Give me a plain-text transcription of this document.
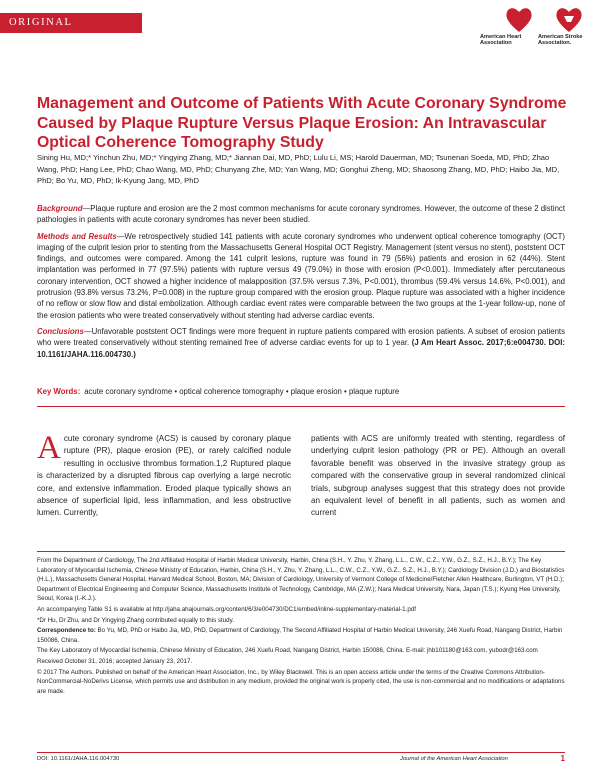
ORIGINAL RESEARCH	American Heart Association
American Stroke Association.
Management and Outcome of Patients With Acute Coronary Syndrome Caused by Plaque Rupture Versus Plaque Erosion: An Intravascular Optical Coherence Tomography Study
Sining Hu, MD;* Yinchun Zhu, MD;* Yingying Zhang, MD;* Jiannan Dai, MD, PhD; Lulu Li, MS; Harold Dauerman, MD; Tsunenari Soeda, MD, PhD; Zhao Wang, PhD; Hang Lee, PhD; Chao Wang, MD, PhD; Chunyang Zhe, MD; Yan Wang, MD; Gonghui Zheng, MD; Shaosong Zhang, MD, PhD; Haibo Jia, MD, PhD; Bo Yu, MD, PhD; Ik-Kyung Jang, MD, PhD

Background—Plaque rupture and erosion are the 2 most common mechanisms for acute coronary syndromes. However, the outcome of these 2 distinct pathologies in patients with acute coronary syndromes has never been studied.

Methods and Results—We retrospectively studied 141 patients with acute coronary syndromes who underwent optical coherence tomography (OCT) imaging of the culprit lesion prior to stenting from the Massachusetts General Hospital OCT Registry. Management (stent versus no stent), poststent OCT findings, and outcomes were compared. Among the 141 culprit lesions, rupture was found in 79 (56%) patients and erosion in 62 (44%). Stent implantation was performed in 77 (97.5%) patients with rupture versus 49 (79.0%) in those with erosion (P<0.001). Immediately after percutaneous coronary intervention, OCT showed a higher incidence of malapposition (37.5% versus 7.3%, P<0.001), thrombus (59.4% versus 14.6%, P<0.001), and protrusion (93.8% versus 73.2%, P=0.008) in the rupture group compared with the erosion group. Plaque rupture was associated with a higher incidence of no reflow or slow flow and distal embolization. Although cardiac event rates were comparable between the two groups at the 1-year follow-up, none of the erosion patients who were treated conservatively without stenting had adverse cardiac events.

Conclusions—Unfavorable poststent OCT findings were more frequent in rupture patients compared with erosion patients. A subset of erosion patients who were treated conservatively without stenting remained free of adverse cardiac events for up to 1 year. (J Am Heart Assoc. 2017;6:e004730. DOI: 10.1161/JAHA.116.004730.)

Key Words: acute coronary syndrome • optical coherence tomography • plaque erosion • plaque rupture
Acute coronary syndrome (ACS) is caused by coronary plaque rupture (PR), plaque erosion (PE), or rarely calcified nodule resulting in occlusive thrombus formation.1,2 Ruptured plaque is characterized by a disrupted fibrous cap overlying a large necrotic core, and extensive inflammation. Eroded plaque typically shows an absence of superficial lipid, less inflammation, and less obstructive lumen. Currently,
patients with ACS are uniformly treated with stenting, regardless of underlying culprit lesion pathology (PR or PE). Although an overall favorable benefit was observed in the invasive strategy group as compared with the conservative group in several randomized clinical trials, subgroup analyses suggest that this strategy does not provide an equivalent level of benefit in all patients, such as women and current

From the Department of Cardiology, The 2nd Affiliated Hospital of Harbin Medical University, Harbin, China (S.H., Y. Zhu, Y. Zhang, L.L., C.W., C.Z., Y.W., G.Z., S.Z., H.J., B.Y.); The Key Laboratory of Myocardial Ischemia, Chinese Ministry of Education, Harbin, China (S.H., Y. Zhu, Y. Zhang, L.L., C.W., C.Z., Y.W., G.Z., S.Z., H.J., B.Y.); Cardiology Division (J.D.) and Biostatistics (H.L.), Massachusetts General Hospital, Harvard Medical School, Boston, MA; Division of Cardiology, University of Vermont College of Medicine/Fletcher Allen Healthcare, Burlington, VT (H.D.); Department of Electrical Engineering and Computer Science, Massachusetts Institute of Technology, Cambridge, MA (Z.W.); Nara Medical University, Nara, Japan (T.S.); Kyung Hee University, Seoul, Korea (I.-K.J.).

An accompanying Table S1 is available at http://jaha.ahajournals.org/content/6/3/e004730/DC1/embed/inline-supplementary-material-1.pdf

*Dr Hu, Dr Zhu, and Dr Yingying Zhang contributed equally to this study.

Correspondence to: Bo Yu, MD, PhD or Haibo Jia, MD, PhD, Department of Cardiology, The Second Affiliated Hospital of Harbin Medical University, 246 Xuefu Road, Nangang District, Harbin 150086, China.

The Key Laboratory of Myocardial Ischemia, Chinese Ministry of Education, 246 Xuefu Road, Nangang District, Harbin 150086, China. E-mail: jhb101180@163.com, yubodr@163.com

Received October 31, 2016; accepted January 23, 2017.

© 2017 The Authors. Published on behalf of the American Heart Association, Inc., by Wiley Blackwell. This is an open access article under the terms of the Creative Commons Attribution-NonCommercial-NoDerivs License, which permits use and distribution in any medium, provided the original work is properly cited, the use is non-commercial and no modifications or adaptations are made.

DOI: 10.1161/JAHA.116.004730	Journal of the American Heart Association	1
